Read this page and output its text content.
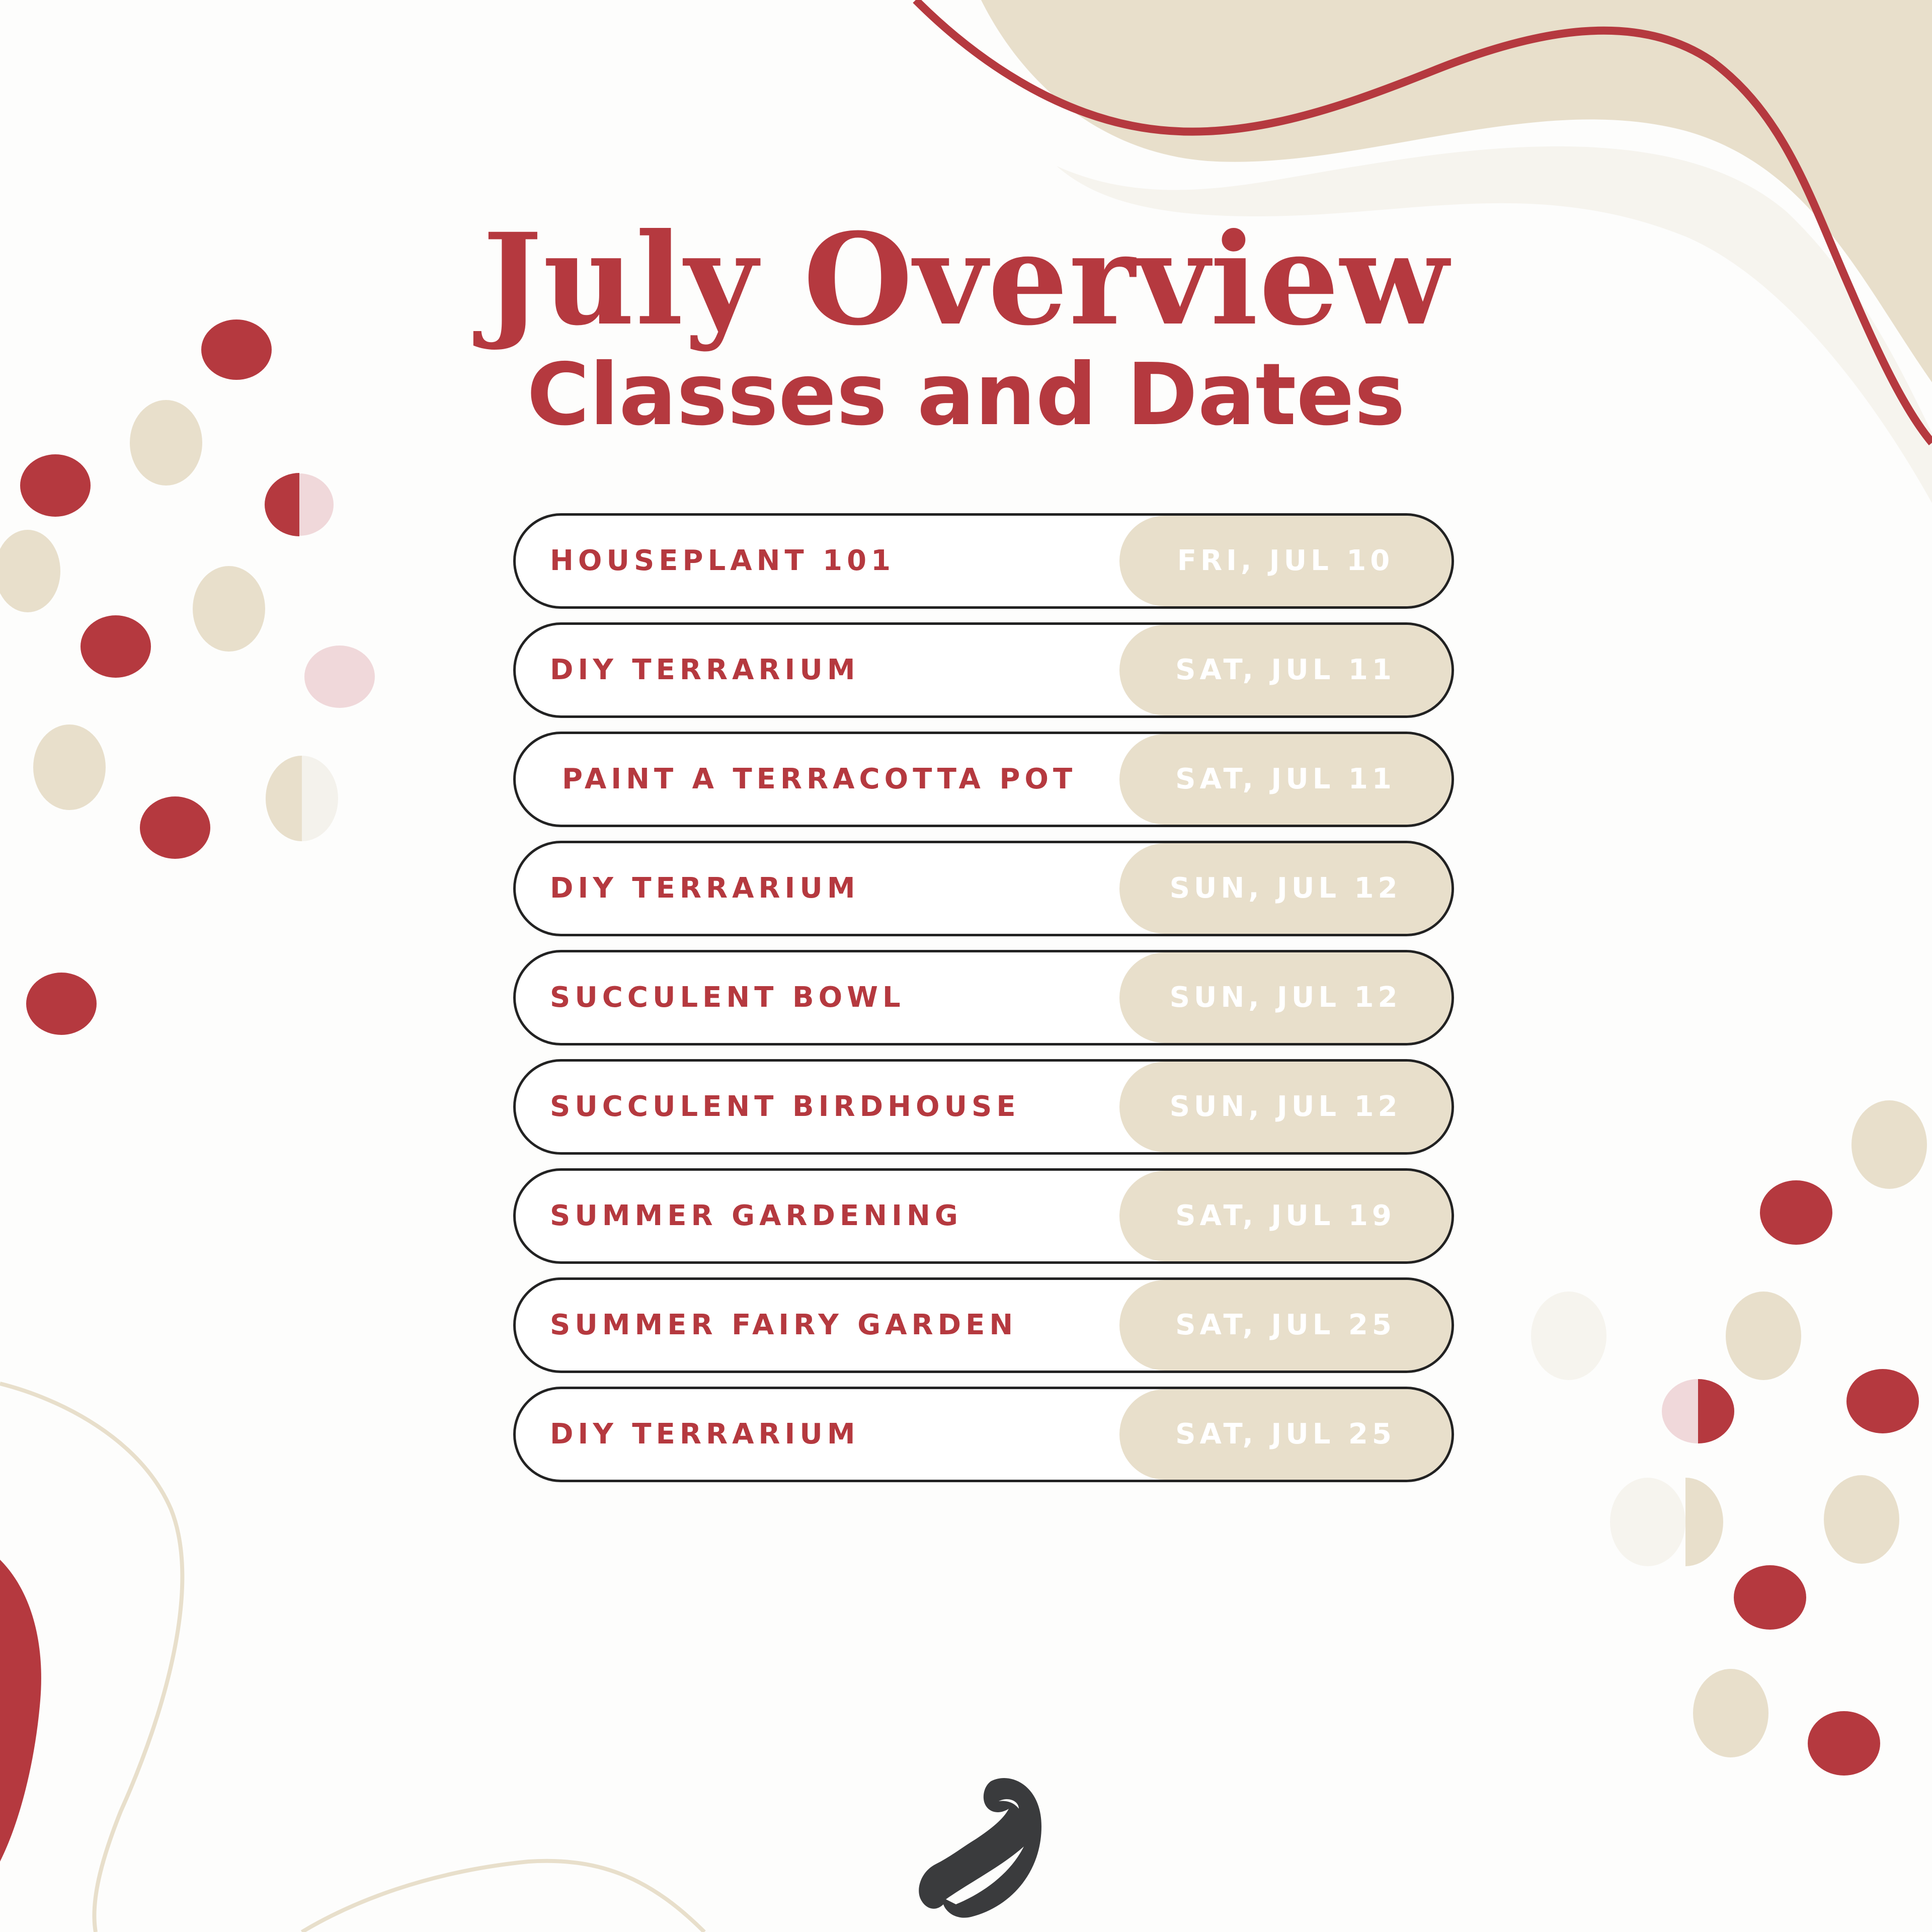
July Overview
Classes and Dates
HOUSEPLANT 101	FRI, JUL 10
DIY TERRARIUM	SAT, JUL 11
PAINT A TERRACOTTA POT	SAT, JUL 11
DIY TERRARIUM	SUN, JUL 12
SUCCULENT BOWL	SUN, JUL 12
SUCCULENT BIRDHOUSE	SUN, JUL 12
SUMMER GARDENING	SAT, JUL 19
SUMMER FAIRY GARDEN	SAT, JUL 25
DIY TERRARIUM	SAT, JUL 25
